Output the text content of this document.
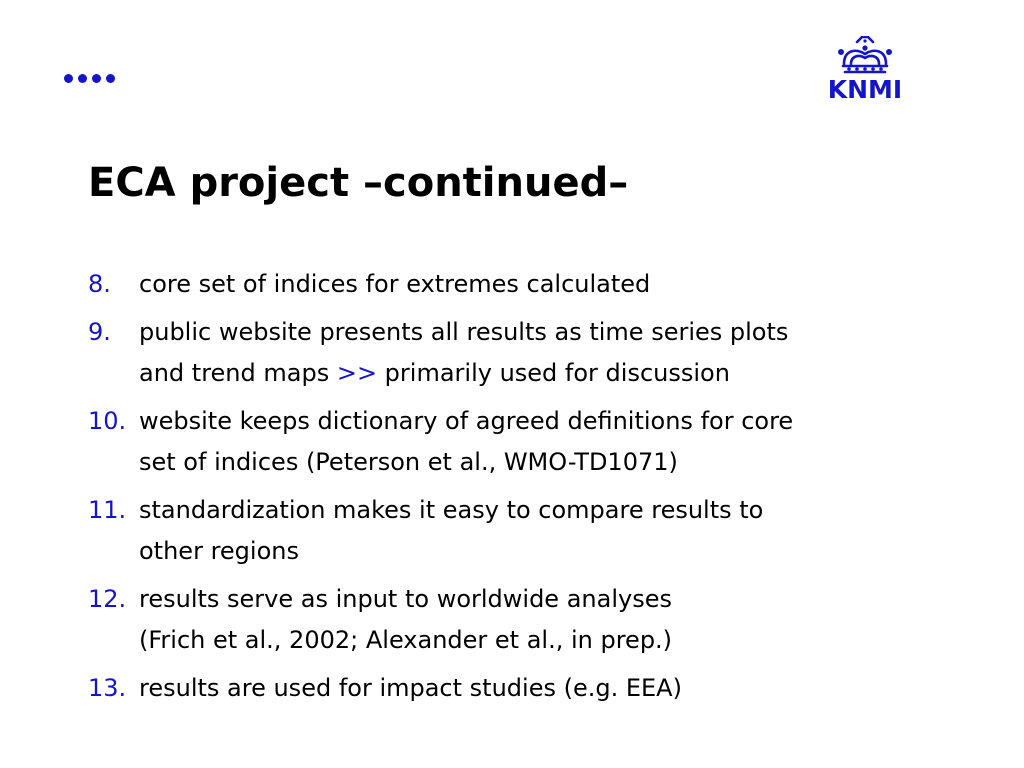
KNMI
ECA project –continued–
8.	core set of indices for extremes calculated
9.	public website presents all results as time series plots
and trend maps >> primarily used for discussion
10. website keeps dictionary of agreed definitions for core
set of indices (Peterson et al., WMO-TD1071)
11. standardization makes it easy to compare results to
other regions
12. results serve as input to worldwide analyses
(Frich et al., 2002; Alexander et al., in prep.)
13. results are used for impact studies (e.g. EEA)
